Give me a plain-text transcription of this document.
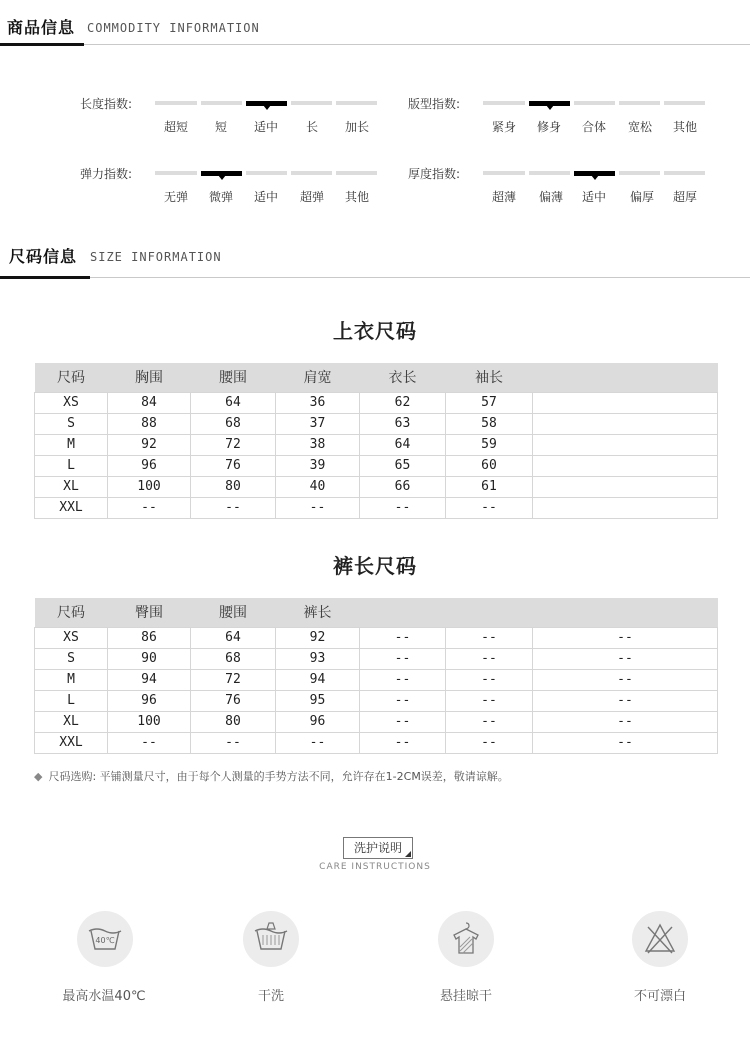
商品信息 COMMODITY INFORMATION
长度指数:
超短	短	适中	长	加长
版型指数:
紧身	修身	合体	宽松	其他
弹力指数:
无弹	微弹	适中	超弹	其他
厚度指数:
超薄	偏薄	适中	偏厚	超厚
尺码信息 SIZE INFORMATION
上衣尺码
尺码	胸围	腰围	肩宽	衣长	袖长	
XS	84	64	36	62	57	
S	88	68	37	63	58	
M	92	72	38	64	59	
L	96	76	39	65	60	
XL	100	80	40	66	61	
XXL	--	--	--	--	--	
裤长尺码
尺码	臀围	腰围	裤长			
XS	86	64	92	--	--	--
S	90	68	93	--	--	--
M	94	72	94	--	--	--
L	96	76	95	--	--	--
XL	100	80	96	--	--	--
XXL	--	--	--	--	--	--
◆ 尺码选购: 平铺测量尺寸，由于每个人测量的手势方法不同，允许存在1-2CM误差，敬请谅解。
洗护说明
CARE INSTRUCTIONS
40℃
最高水温40℃	干洗	悬挂晾干	不可漂白
